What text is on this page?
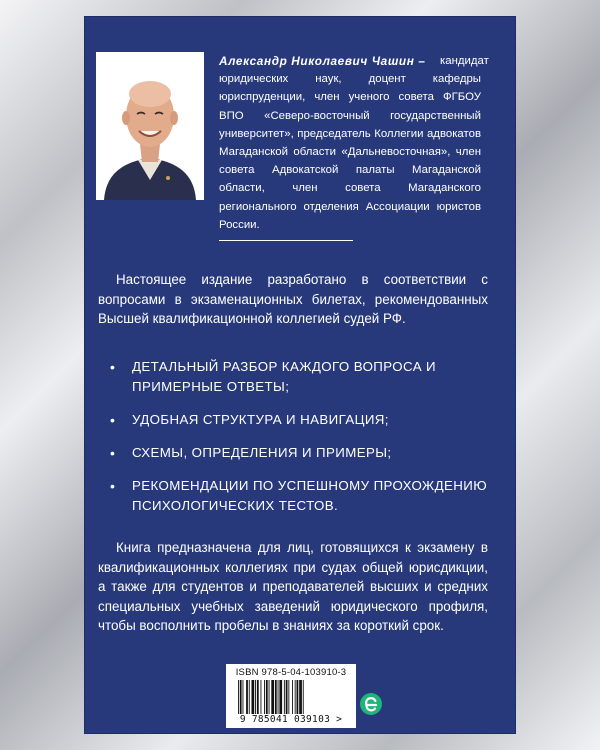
кандидат юридических наук, доцент кафедры юриспруденции, член ученого совета ФГБОУ ВПО «Северо-восточный государственный университет», председатель Коллегии адвокатов Магаданской области «Дальневосточная», член совета Адвокатской палаты Магаданской области, член совета Магаданского регионального отделения Ассоциации юристов России.
Александр Николаевич Чашин –
Настоящее издание разработано в соответствии с вопросами в экзаменационных билетах, рекомендованных Высшей квалификационной коллегией судей РФ.
• ДЕТАЛЬНЫЙ РАЗБОР КАЖДОГО ВОПРОСА И ПРИМЕРНЫЕ ОТВЕТЫ;
• УДОБНАЯ СТРУКТУРА И НАВИГАЦИЯ;
• СХЕМЫ, ОПРЕДЕЛЕНИЯ И ПРИМЕРЫ;
• РЕКОМЕНДАЦИИ ПО УСПЕШНОМУ ПРОХОЖДЕНИЮ ПСИХОЛОГИЧЕСКИХ ТЕСТОВ.
Книга предназначена для лиц, готовящихся к экзамену в квалификационных коллегиях при судах общей юрисдикции, а также для студентов и преподавателей высших и средних специальных учебных заведений юридического профиля, чтобы восполнить пробелы в знаниях за короткий срок.
ISBN 978-5-04-103910-3
9 785041 039103 >
